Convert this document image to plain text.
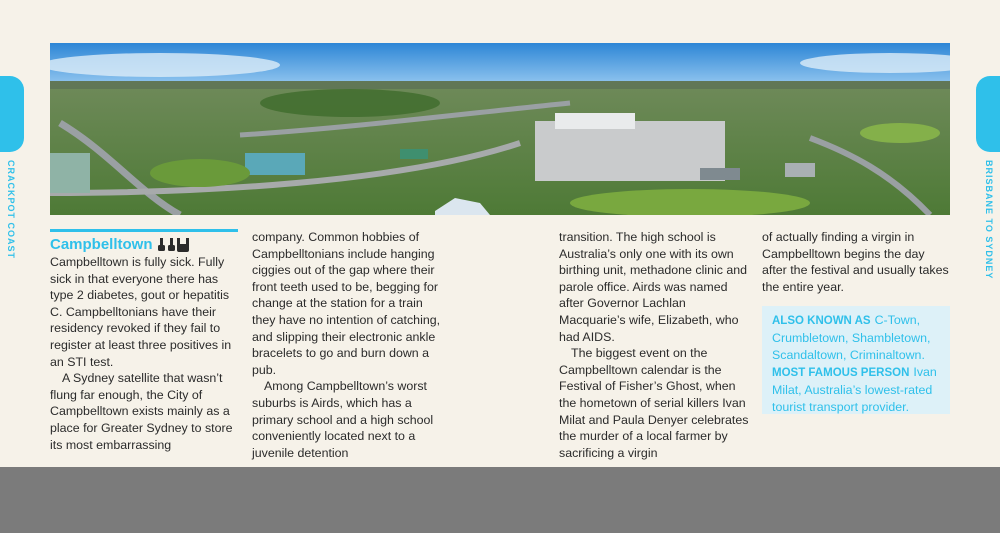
CRACKPOT COAST	BRISBANE TO SYDNEY
Campbelltown

Campbelltown is fully sick. Fully sick in that everyone there has type 2 diabetes, gout or hepatitis C. Campbelltonians have their residency revoked if they fail to register at least three positives in an STI test.

A Sydney satellite that wasn’t flung far enough, the City of Campbelltown exists mainly as a place for Greater Sydney to store its most embarrassing

company. Common hobbies of Campbelltonians include hanging ciggies out of the gap where their front teeth used to be, begging for change at the station for a train they have no intention of catching, and slipping their electronic ankle bracelets to go and burn down a pub.

Among Campbelltown’s worst suburbs is Airds, which has a primary school and a high school conveniently located next to a juvenile detention

transition. The high school is Australia’s only one with its own birthing unit, methadone clinic and parole office. Airds was named after Governor Lachlan Macquarie’s wife, Elizabeth, who had AIDS.

The biggest event on the Campbelltown calendar is the Festival of Fisher’s Ghost, when the hometown of serial killers Ivan Milat and Paula Denyer celebrates the murder of a local farmer by sacrificing a virgin

of actually finding a virgin in Campbelltown begins the day after the festival and usually takes the entire year.

ALSO KNOWN AS C-Town, Crumbletown, Shambletown, Scandaltown, Criminaltown.
MOST FAMOUS PERSON Ivan Milat, Australia’s lowest-rated tourist transport provider.
